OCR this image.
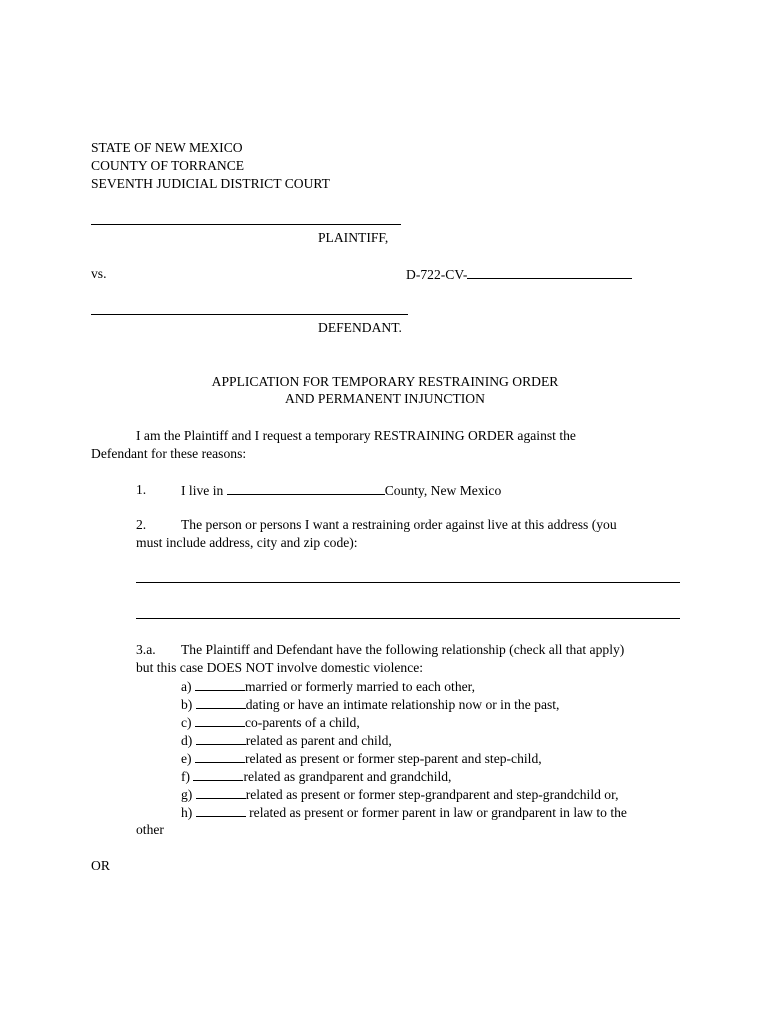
STATE OF NEW MEXICO
COUNTY OF TORRANCE
SEVENTH JUDICIAL DISTRICT COURT
PLAINTIFF,
vs.	D-722-CV-
DEFENDANT.
APPLICATION FOR TEMPORARY RESTRAINING ORDER
AND PERMANENT INJUNCTION
I am the Plaintiff and I request a temporary RESTRAINING ORDER against the
Defendant for these reasons:
1.	I live in	County, New Mexico
2.	The person or persons I want a restraining order against live at this address (you
must include address, city and zip code):
3.a. The Plaintiff and Defendant have the following relationship (check all that apply)
but this case DOES NOT involve domestic violence:
a)	married or formerly married to each other,
b)	dating or have an intimate relationship now or in the past,
c)	co-parents of a child,
d)	related as parent and child,
e)	related as present or former step-parent and step-child,
f)	related as grandparent and grandchild,
g)	related as present or former step-grandparent and step-grandchild or,
h)	related as present or former parent in law or grandparent in law to the
other
OR
